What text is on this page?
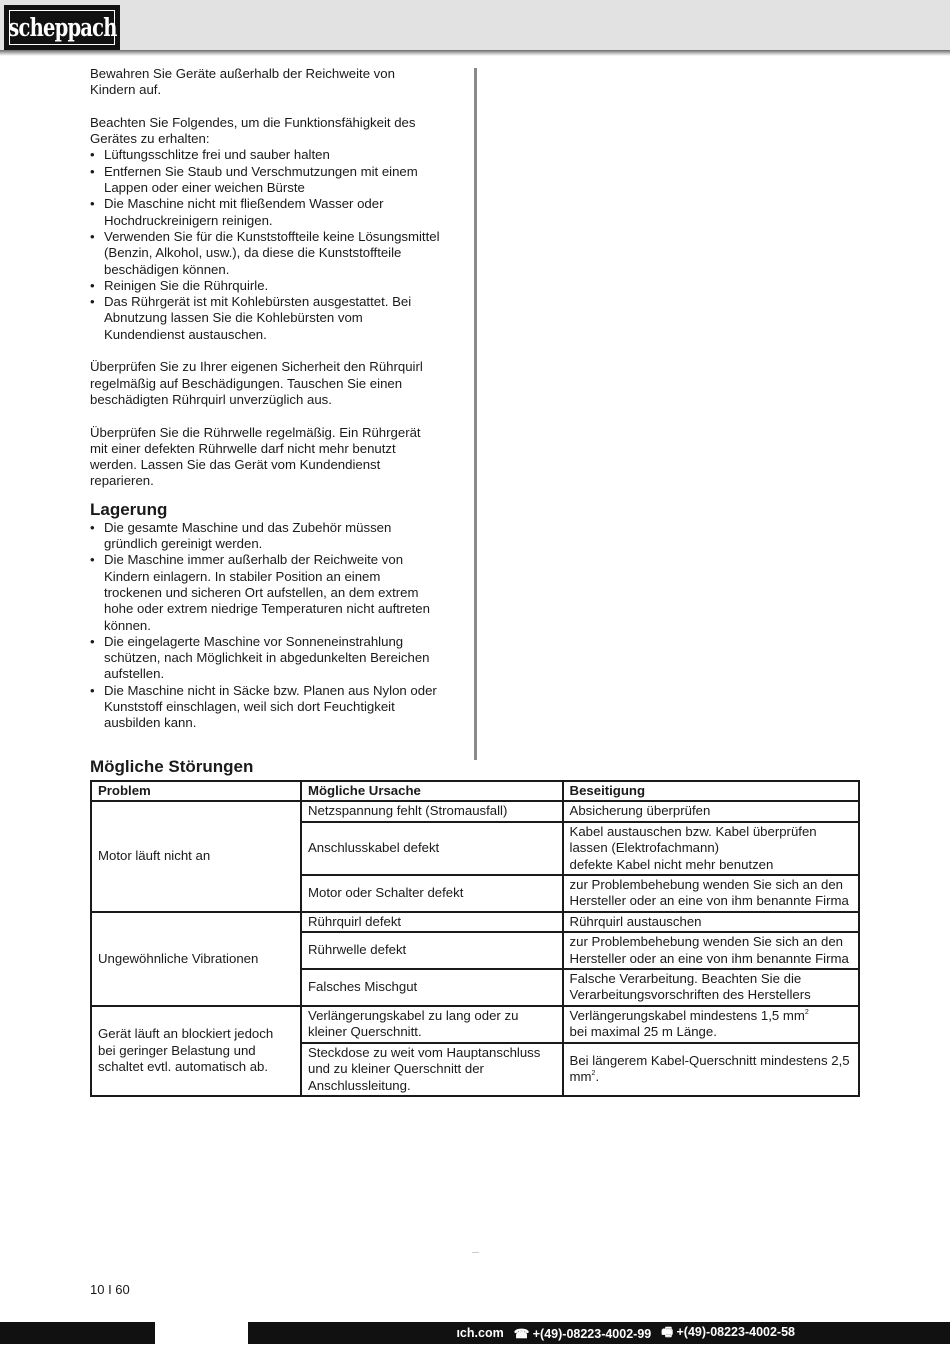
scheppach

Bewahren Sie Geräte außerhalb der Reichweite von Kindern auf.

Beachten Sie Folgendes, um die Funktionsfähigkeit des Gerätes zu erhalten:

• Lüftungsschlitze frei und sauber halten
• Entfernen Sie Staub und Verschmutzungen mit einem Lappen oder einer weichen Bürste
• Die Maschine nicht mit fließendem Wasser oder Hochdruckreinigern reinigen.
• Verwenden Sie für die Kunststoffteile keine Lösungsmittel (Benzin, Alkohol, usw.), da diese die Kunststoffteile beschädigen können.
• Reinigen Sie die Rührquirle.
• Das Rührgerät ist mit Kohlebürsten ausgestattet. Bei Abnutzung lassen Sie die Kohlebürsten vom Kundendienst austauschen.

Überprüfen Sie zu Ihrer eigenen Sicherheit den Rührquirl regelmäßig auf Beschädigungen. Tauschen Sie einen beschädigten Rührquirl unverzüglich aus.

Überprüfen Sie die Rührwelle regelmäßig. Ein Rührgerät mit einer defekten Rührwelle darf nicht mehr benutzt werden. Lassen Sie das Gerät vom Kundendienst reparieren.

Lagerung
• Die gesamte Maschine und das Zubehör müssen gründlich gereinigt werden.
• Die Maschine immer außerhalb der Reichweite von Kindern einlagern. In stabiler Position an einem trockenen und sicheren Ort aufstellen, an dem extrem hohe oder extrem niedrige Temperaturen nicht auftreten können.
• Die eingelagerte Maschine vor Sonneneinstrahlung schützen, nach Möglichkeit in abgedunkelten Bereichen aufstellen.
• Die Maschine nicht in Säcke bzw. Planen aus Nylon oder Kunststoff einschlagen, weil sich dort Feuchtigkeit ausbilden kann.
Mögliche Störungen
Problem	Mögliche Ursache	Beseitigung
Motor läuft nicht an	Netzspannung fehlt (Stromausfall)	Absicherung überprüfen
	Anschlusskabel defekt	Kabel austauschen bzw. Kabel überprüfen lassen (Elektrofachmann)
defekte Kabel nicht mehr benutzen

	Motor oder Schalter defekt	zur Problembehebung wenden Sie sich an den Hersteller oder an eine von ihm benannte Firma
Ungewöhnliche Vibrationen	Rührquirl defekt	Rührquirl austauschen
	Rührwelle defekt	zur Problembehebung wenden Sie sich an den Hersteller oder an eine von ihm benannte Firma
	Falsches Mischgut	Falsche Verarbeitung. Beachten Sie die Verarbeitungsvorschriften des Herstellers
Gerät läuft an blockiert jedoch bei geringer Belastung und schaltet evtl. automatisch ab.	Verlängerungskabel zu lang oder zu kleiner Querschnitt.	Verlängerungskabel mindestens 1,5 $mm^2$
bei maximal 25 m Länge.

	Steckdose zu weit vom Hauptanschluss und zu kleiner Querschnitt der Anschlussleitung.	Bei längerem Kabel-Querschnitt mindestens 2,5 $mm^2$.
10 I 60
ıch.com ☎ +(49)-08223-4002-99 🖷 +(49)-08223-4002-58
